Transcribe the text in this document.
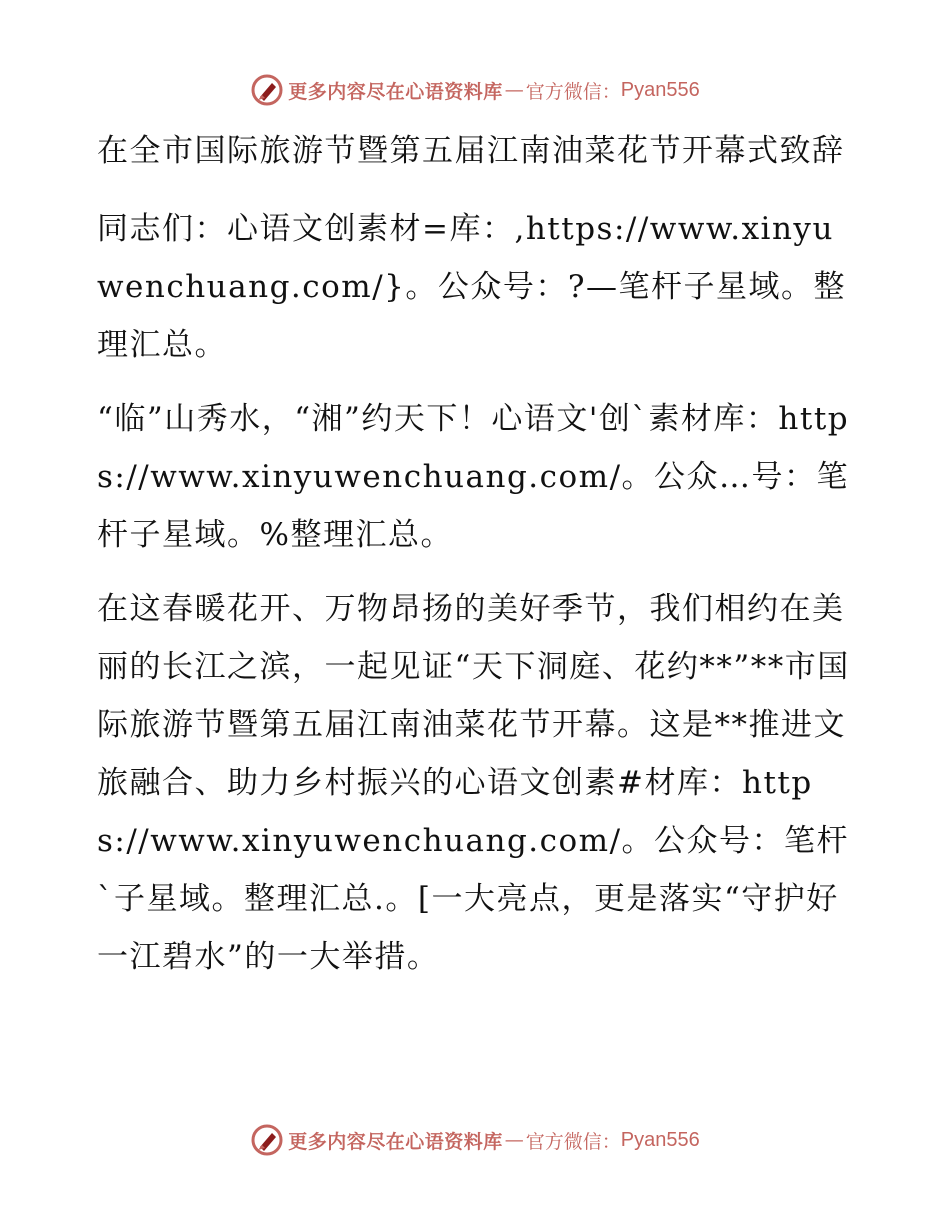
更多内容尽在心语资料库 — 官方微信： Pyan556

在全市国际旅游节暨第五届江南油菜花节开幕式致辞

同志们：心语文创素材=库：,https://www.xinyuwenchuang.com/}。公众号：?—笔杆子星域。整理汇总。

“临”山秀水，“湘”约天下！心语文'创`素材库：https://www.xinyuwenchuang.com/。公众…号：笔杆子星域。%整理汇总。

在这春暖花开、万物昂扬的美好季节，我们相约在美丽的长江之滨，一起见证“天下洞庭、花约**”**市国际旅游节暨第五届江南油菜花节开幕。这是**推进文旅融合、助力乡村振兴的心语文创素#材库：https://www.xinyuwenchuang.com/。公众号：笔杆`子星域。整理汇总.。[一大亮点，更是落实“守护好一江碧水”的一大举措。

更多内容尽在心语资料库 — 官方微信： Pyan556
